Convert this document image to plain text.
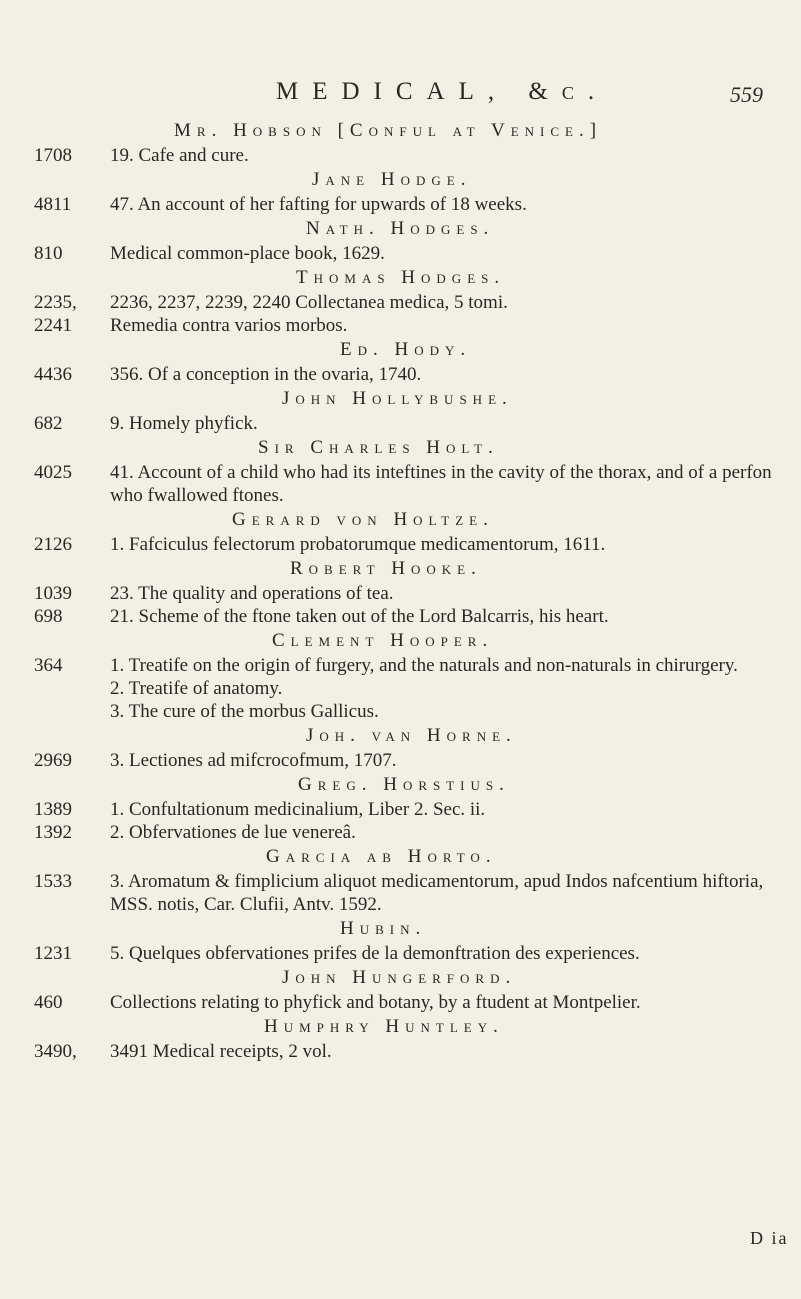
MEDICAL, &c.	559
Mr. Hobson [Conful at Venice.]
1708	19. Cafe and cure.
Jane Hodge.
4811	47. An account of her fafting for upwards of 18 weeks.
Nath. Hodges.
810	Medical common-place book, 1629.
Thomas Hodges.
2235,	2236, 2237, 2239, 2240 Collectanea medica, 5 tomi.
2241	Remedia contra varios morbos.
Ed. Hody.
4436	356. Of a conception in the ovaria, 1740.
John Hollybushe.
682	9. Homely phyfick.
Sir Charles Holt.
4025	41. Account of a child who had its inteftines in the cavity of the thorax, and of a perfon who fwallowed ftones.
Gerard von Holtze.
2126	1. Fafciculus felectorum probatorumque medicamentorum, 1611.
Robert Hooke.
1039	23. The quality and operations of tea.
698	21. Scheme of the ftone taken out of the Lord Balcarris, his heart.
Clement Hooper.
364	1. Treatife on the origin of furgery, and the naturals and non-naturals in chirurgery.
2. Treatife of anatomy.
3. The cure of the morbus Gallicus.
Joh. van Horne.
2969	3. Lectiones ad mifcrocofmum, 1707.
Greg. Horstius.
1389	1. Confultationum medicinalium, Liber 2. Sec. ii.
1392	2. Obfervationes de lue venereâ.
Garcia ab Horto.
1533	3. Aromatum & fimplicium aliquot medicamentorum, apud Indos nafcentium hiftoria, MSS. notis, Car. Clufii, Antv. 1592.
Hubin.
1231	5. Quelques obfervationes prifes de la demonftration des experiences.
John Hungerford.
460	Collections relating to phyfick and botany, by a ftudent at Montpelier.
Humphry Huntley.
3490,	3491 Medical receipts, 2 vol.
D ia
